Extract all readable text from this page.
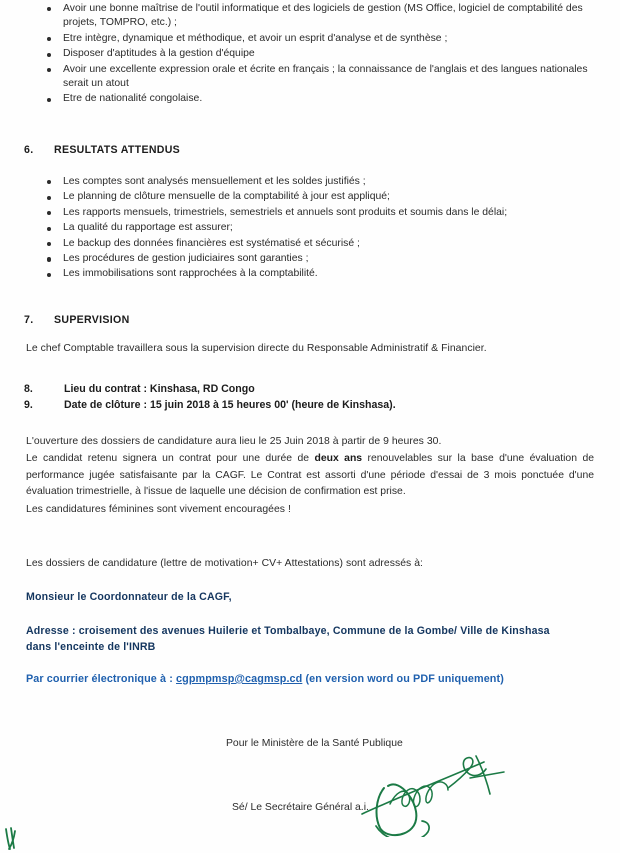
Avoir une bonne maîtrise de l'outil informatique et des logiciels de gestion (MS Office, logiciel de comptabilité des projets, TOMPRO, etc.) ;
Etre intègre, dynamique et méthodique, et avoir un esprit d'analyse et de synthèse ;
Disposer d'aptitudes à la gestion d'équipe
Avoir une excellente expression orale et écrite en français ; la connaissance de l'anglais et des langues nationales serait un atout
Etre de nationalité congolaise.
6. RESULTATS ATTENDUS
Les comptes sont analysés mensuellement et les soldes justifiés ;
Le planning de clôture mensuelle de la comptabilité à jour est appliqué;
Les rapports mensuels, trimestriels, semestriels et annuels sont produits et soumis dans le délai;
La qualité du rapportage est assurer;
Le backup des données financières est systématisé et sécurisé ;
Les procédures de gestion judiciaires sont garanties ;
Les immobilisations sont rapprochées à la comptabilité.
7. SUPERVISION
Le chef Comptable travaillera sous la supervision directe du Responsable Administratif & Financier.
8.	Lieu du contrat : Kinshasa, RD Congo
9.	Date de clôture : 15 juin 2018 à 15 heures 00' (heure de Kinshasa).
L'ouverture des dossiers de candidature aura lieu le 25 Juin 2018 à partir de 9 heures 30.
Le candidat retenu signera un contrat pour une durée de deux ans renouvelables sur la base d'une évaluation de performance jugée satisfaisante par la CAGF. Le Contrat est assorti d'une période d'essai de 3 mois ponctuée d'une évaluation trimestrielle, à l'issue de laquelle une décision de confirmation est prise.
Les candidatures féminines sont vivement encouragées !
Les dossiers de candidature (lettre de motivation+ CV+ Attestations) sont adressés à:
Monsieur le Coordonnateur de la CAGF,
Adresse : croisement des avenues Huilerie et Tombalbaye, Commune de la Gombe/ Ville de Kinshasa
dans l'enceinte de l'INRB
Par courrier électronique à : cgpmpmsp@cagmsp.cd (en version word ou PDF uniquement)
Pour le Ministère de la Santé Publique
Sé/ Le Secrétaire Général a.i.
